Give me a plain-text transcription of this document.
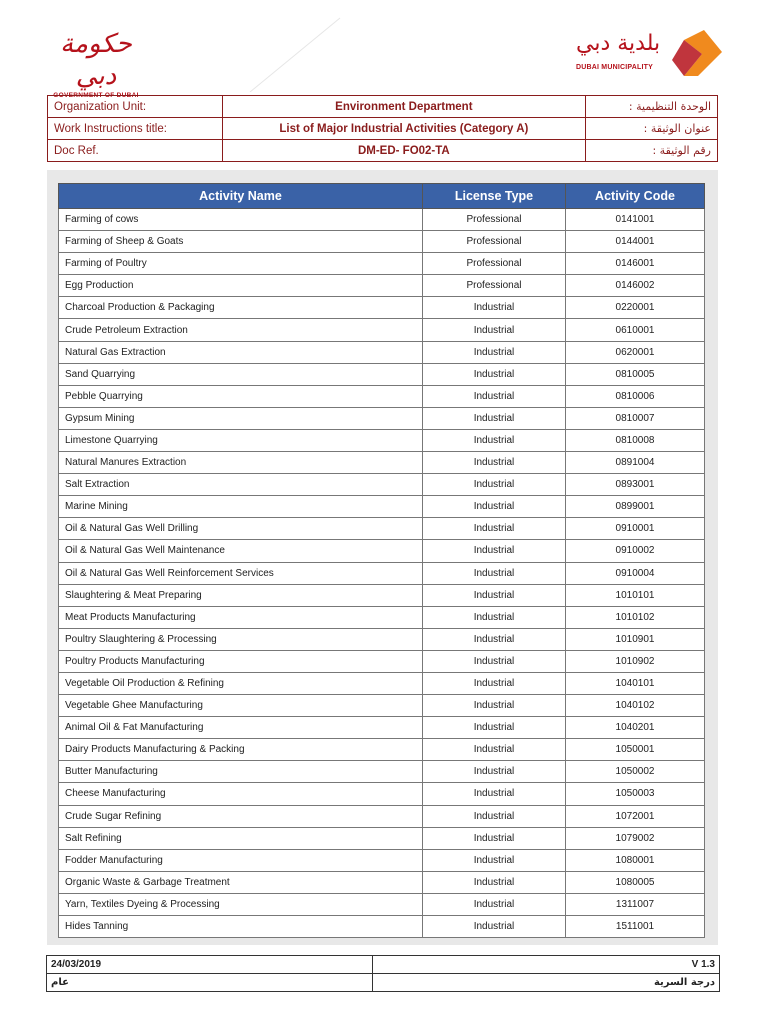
حكومة دبي
GOVERNMENT OF DUBAI
بلدية دبي
DUBAI MUNICIPALITY
Organization Unit:	Environment Department	الوحدة التنظيمية :
Work Instructions title:	List of Major Industrial Activities (Category A)	عنوان الوثيقة :
Doc Ref.	DM-ED- FO02-TA	رقم الوثيقة :
Activity Name	License Type	Activity Code
Farming of cows	Professional	0141001
Farming of Sheep & Goats	Professional	0144001
Farming of Poultry	Professional	0146001
Egg Production	Professional	0146002
Charcoal Production & Packaging	Industrial	0220001
Crude Petroleum Extraction	Industrial	0610001
Natural Gas Extraction	Industrial	0620001
Sand Quarrying	Industrial	0810005
Pebble Quarrying	Industrial	0810006
Gypsum Mining	Industrial	0810007
Limestone Quarrying	Industrial	0810008
Natural Manures Extraction	Industrial	0891004
Salt Extraction	Industrial	0893001
Marine Mining	Industrial	0899001
Oil & Natural Gas Well Drilling	Industrial	0910001
Oil & Natural Gas Well Maintenance	Industrial	0910002
Oil & Natural Gas Well Reinforcement Services	Industrial	0910004
Slaughtering & Meat Preparing	Industrial	1010101
Meat Products Manufacturing	Industrial	1010102
Poultry Slaughtering & Processing	Industrial	1010901
Poultry Products Manufacturing	Industrial	1010902
Vegetable Oil Production & Refining	Industrial	1040101
Vegetable Ghee Manufacturing	Industrial	1040102
Animal Oil & Fat Manufacturing	Industrial	1040201
Dairy Products Manufacturing & Packing	Industrial	1050001
Butter Manufacturing	Industrial	1050002
Cheese Manufacturing	Industrial	1050003
Crude Sugar Refining	Industrial	1072001
Salt Refining	Industrial	1079002
Fodder Manufacturing	Industrial	1080001
Organic Waste & Garbage Treatment	Industrial	1080005
Yarn, Textiles Dyeing & Processing	Industrial	1311007
Hides Tanning	Industrial	1511001
24/03/2019	V 1.3
عام	درجة السرية
